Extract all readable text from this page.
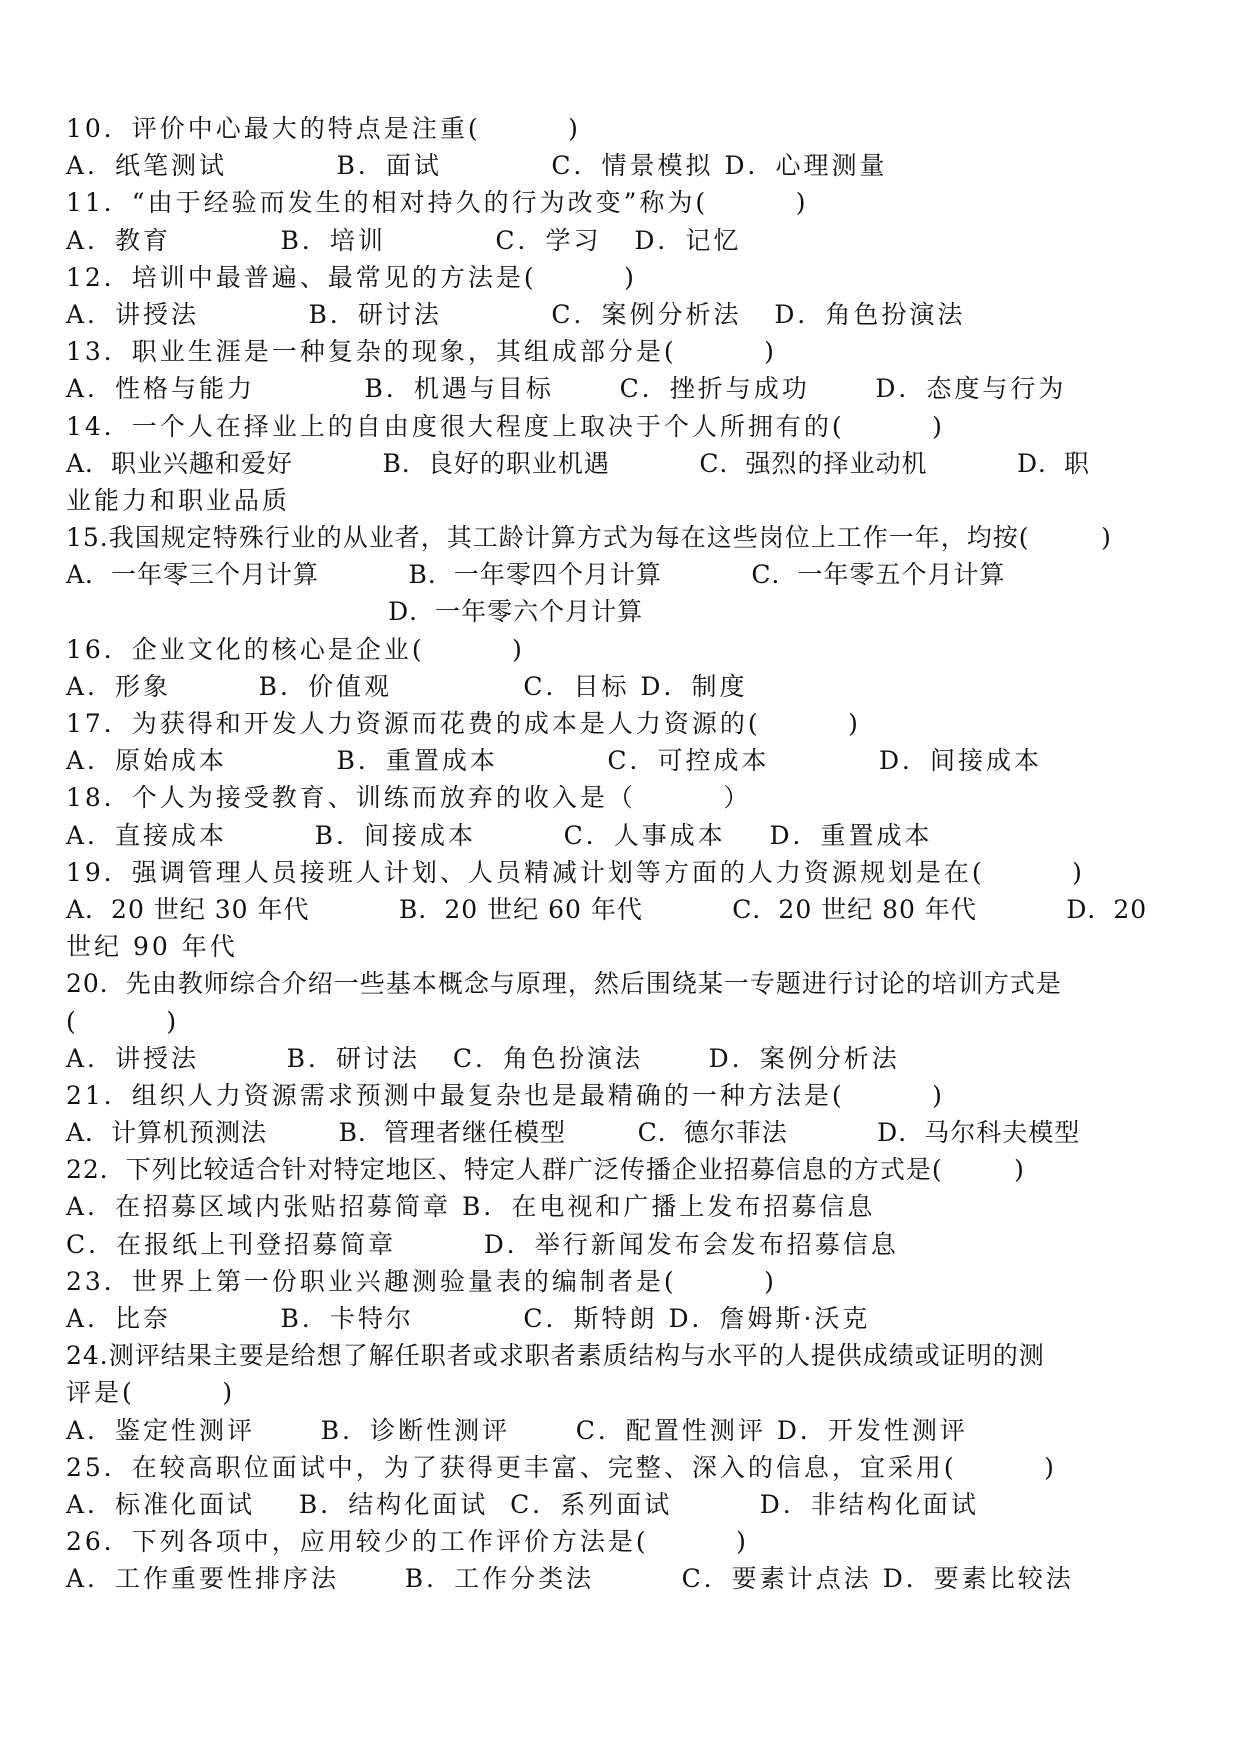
10．评价中心最大的特点是注重(        )
A．纸笔测试          B．面试          C．情景模拟 D．心理测量
11．“由于经验而发生的相对持久的行为改变”称为(        )
A．教育          B．培训          C．学习   D．记忆
12．培训中最普遍、最常见的方法是(        )
A．讲授法          B．研讨法          C．案例分析法   D．角色扮演法
13．职业生涯是一种复杂的现象，其组成部分是(        )
A．性格与能力          B．机遇与目标      C．挫折与成功      D．态度与行为
14．一个人在择业上的自由度很大程度上取决于个人所拥有的(        )
A．职业兴趣和爱好          B．良好的职业机遇          C．强烈的择业动机          D．职
业能力和职业品质
15.我国规定特殊行业的从业者，其工龄计算方式为每在这些岗位上工作一年，均按(        )
A．一年零三个月计算          B．一年零四个月计算          C．一年零五个月计算
D．一年零六个月计算
16．企业文化的核心是企业(        )
A．形象        B．价值观            C．目标 D．制度
17．为获得和开发人力资源而花费的成本是人力资源的(        )
A．原始成本          B．重置成本          C．可控成本          D．间接成本
18．个人为接受教育、训练而放弃的收入是（        ）
A．直接成本        B．间接成本        C．人事成本    D．重置成本
19．强调管理人员接班人计划、人员精减计划等方面的人力资源规划是在(        )
A．20 世纪 30 年代          B．20 世纪 60 年代          C．20 世纪 80 年代          D．20
世纪 90 年代
20．先由教师综合介绍一些基本概念与原理，然后围绕某一专题进行讨论的培训方式是
(        )
A．讲授法        B．研讨法   C．角色扮演法      D．案例分析法
21．组织人力资源需求预测中最复杂也是最精确的一种方法是(        )
A．计算机预测法        B．管理者继任模型        C．德尔菲法          D．马尔科夫模型
22．下列比较适合针对特定地区、特定人群广泛传播企业招募信息的方式是(        )
A．在招募区域内张贴招募简章 B．在电视和广播上发布招募信息
C．在报纸上刊登招募简章        D．举行新闻发布会发布招募信息
23．世界上第一份职业兴趣测验量表的编制者是(        )
A．比奈          B．卡特尔          C．斯特朗 D．詹姆斯·沃克
24.测评结果主要是给想了解任职者或求职者素质结构与水平的人提供成绩或证明的测
评是(        )
A．鉴定性测评      B．诊断性测评      C．配置性测评 D．开发性测评
25．在较高职位面试中，为了获得更丰富、完整、深入的信息，宜采用(        )
A．标准化面试    B．结构化面试  C．系列面试        D．非结构化面试
26．下列各项中，应用较少的工作评价方法是(        )
A．工作重要性排序法      B．工作分类法        C．要素计点法 D．要素比较法
